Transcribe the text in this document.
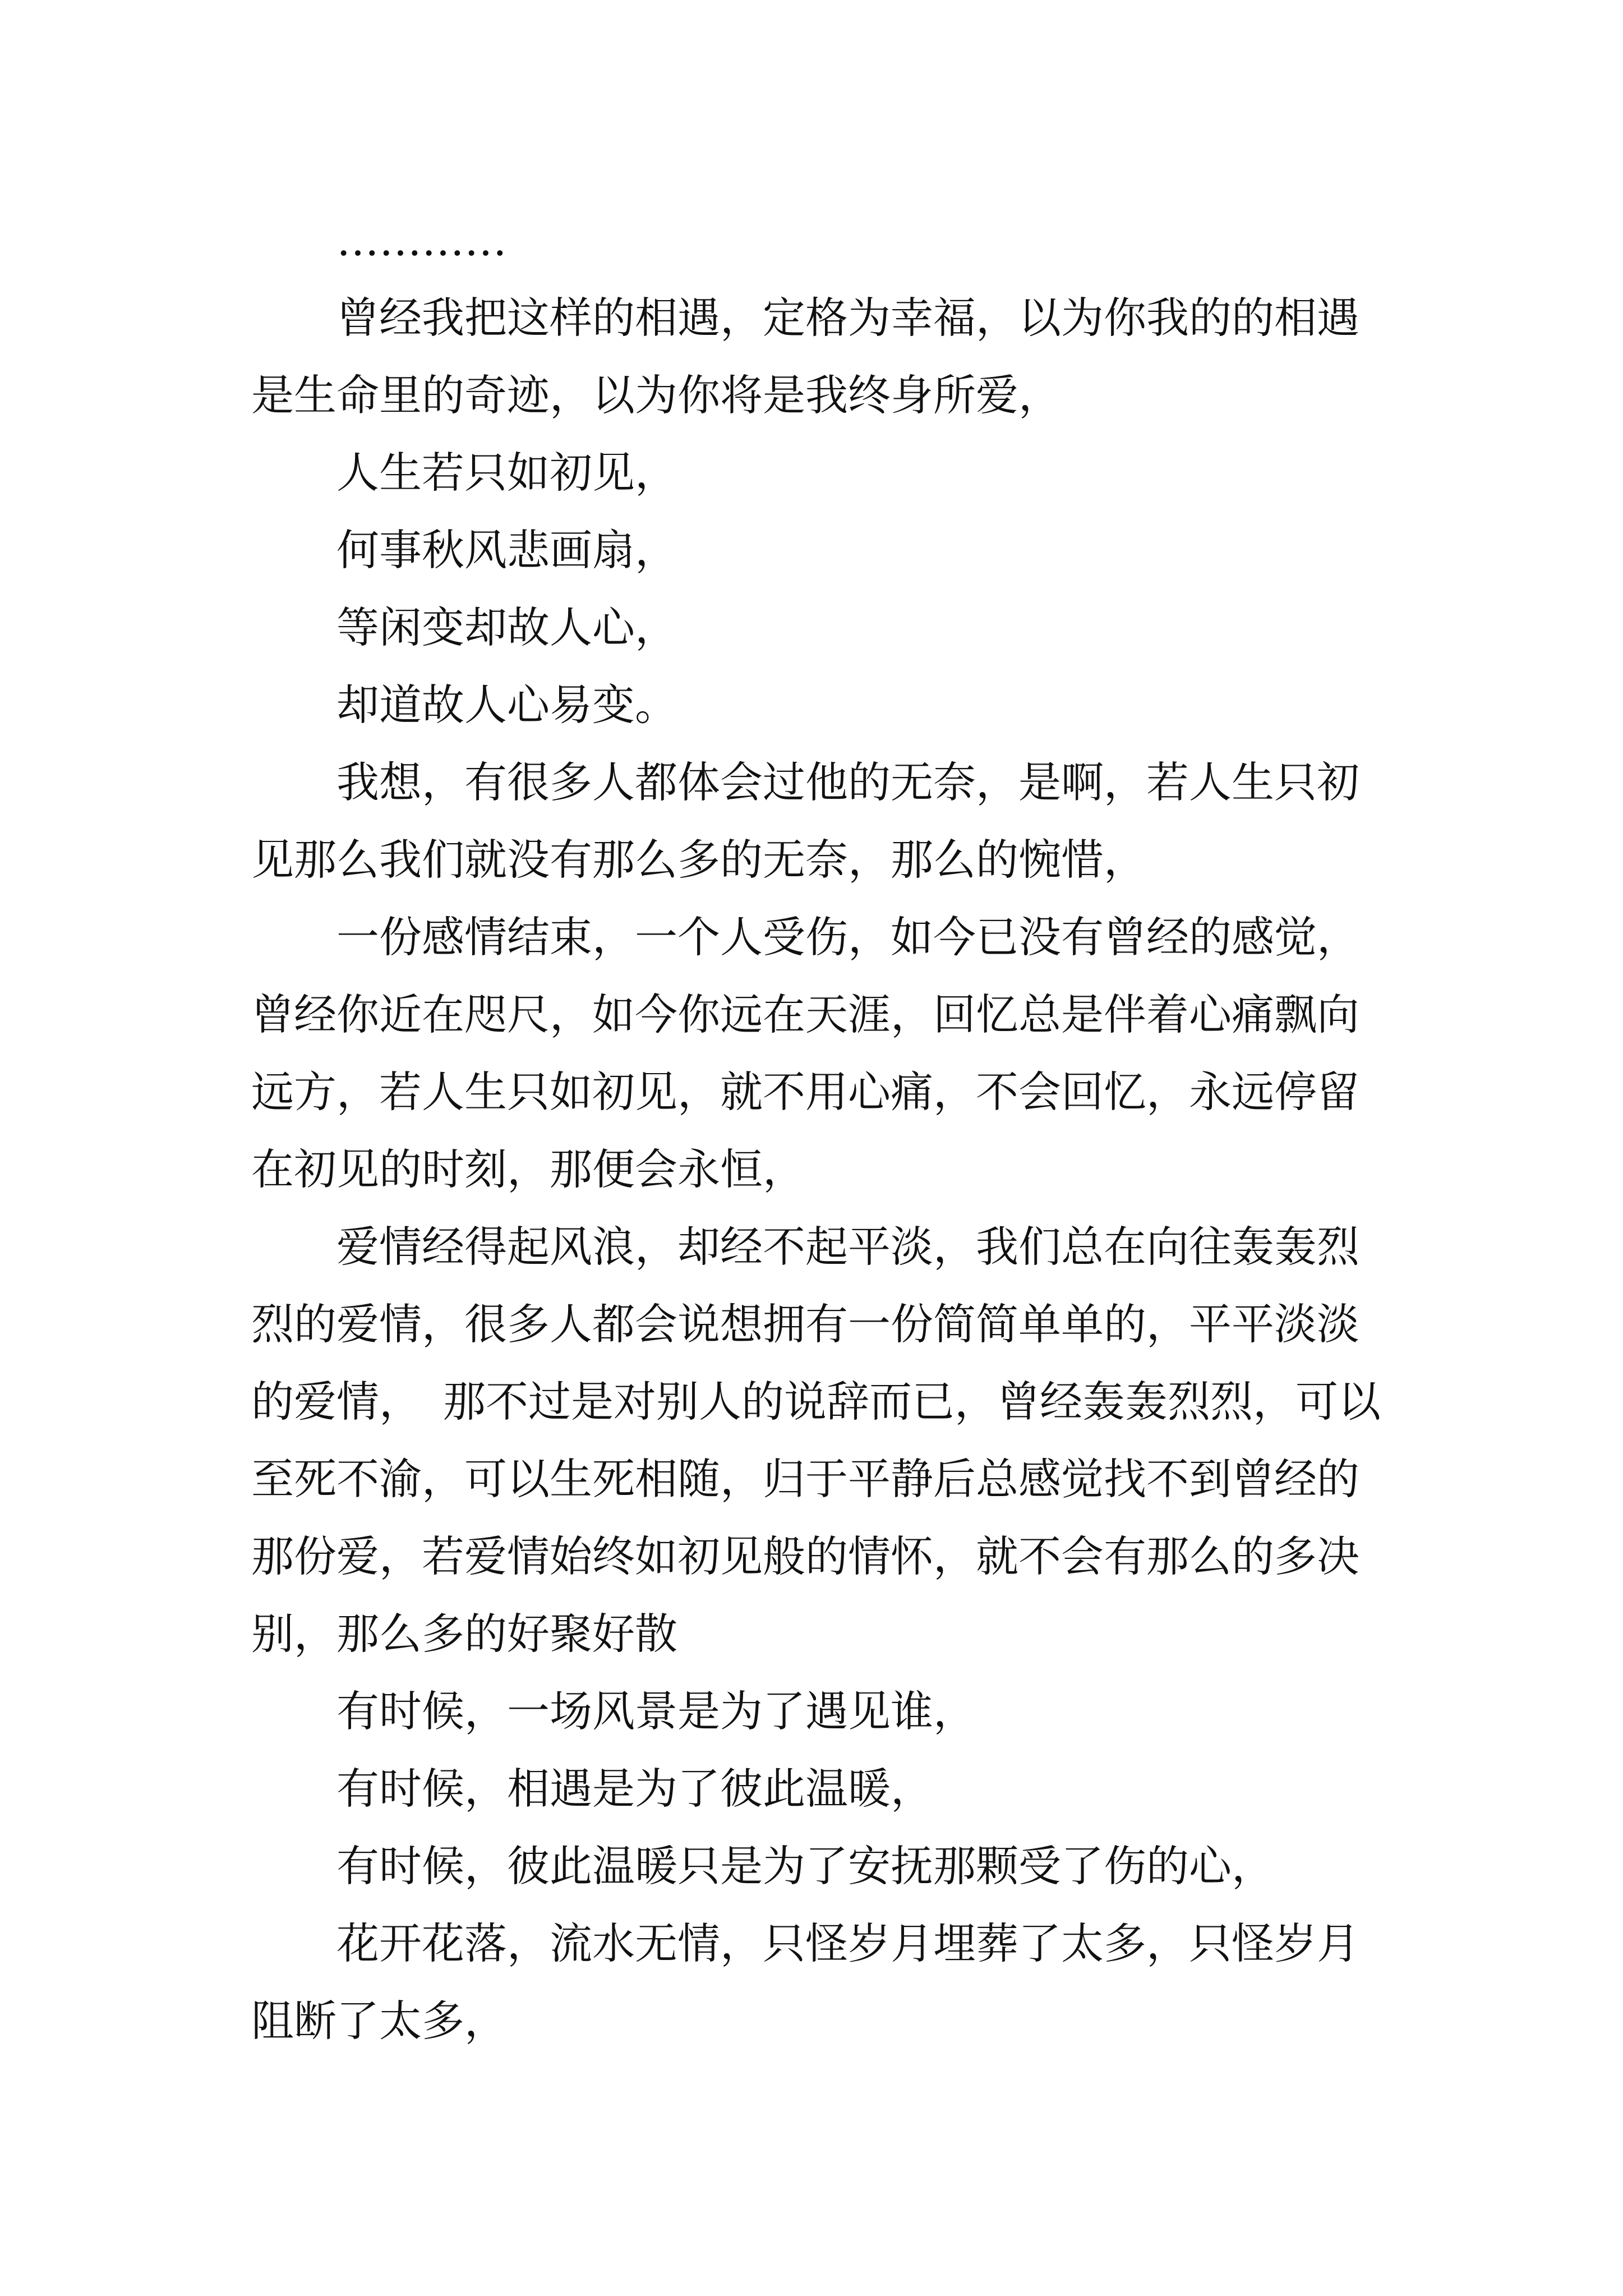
…………

曾经我把这样的相遇，定格为幸福，以为你我的的相遇是生命里的奇迹，以为你将是我终身所爱，

人生若只如初见，

何事秋风悲画扇，

等闲变却故人心，

却道故人心易变。

我想，有很多人都体会过他的无奈，是啊，若人生只初见那么我们就没有那么多的无奈，那么的惋惜，

一份感情结束，一个人受伤，如今已没有曾经的感觉，曾经你近在咫尺，如今你远在天涯，回忆总是伴着心痛飘向远方，若人生只如初见，就不用心痛，不会回忆，永远停留在初见的时刻，那便会永恒，

爱情经得起风浪，却经不起平淡，我们总在向往轰轰烈烈的爱情，很多人都会说想拥有一份简简单单的，平平淡淡的爱情，　那不过是对别人的说辞而已，曾经轰轰烈烈，可以至死不渝，可以生死相随，归于平静后总感觉找不到曾经的那份爱，若爱情始终如初见般的情怀，就不会有那么的多决别，那么多的好聚好散

有时候，一场风景是为了遇见谁，

有时候，相遇是为了彼此温暖，

有时候，彼此温暖只是为了安抚那颗受了伤的心，

花开花落，流水无情，只怪岁月埋葬了太多，只怪岁月阻断了太多，
